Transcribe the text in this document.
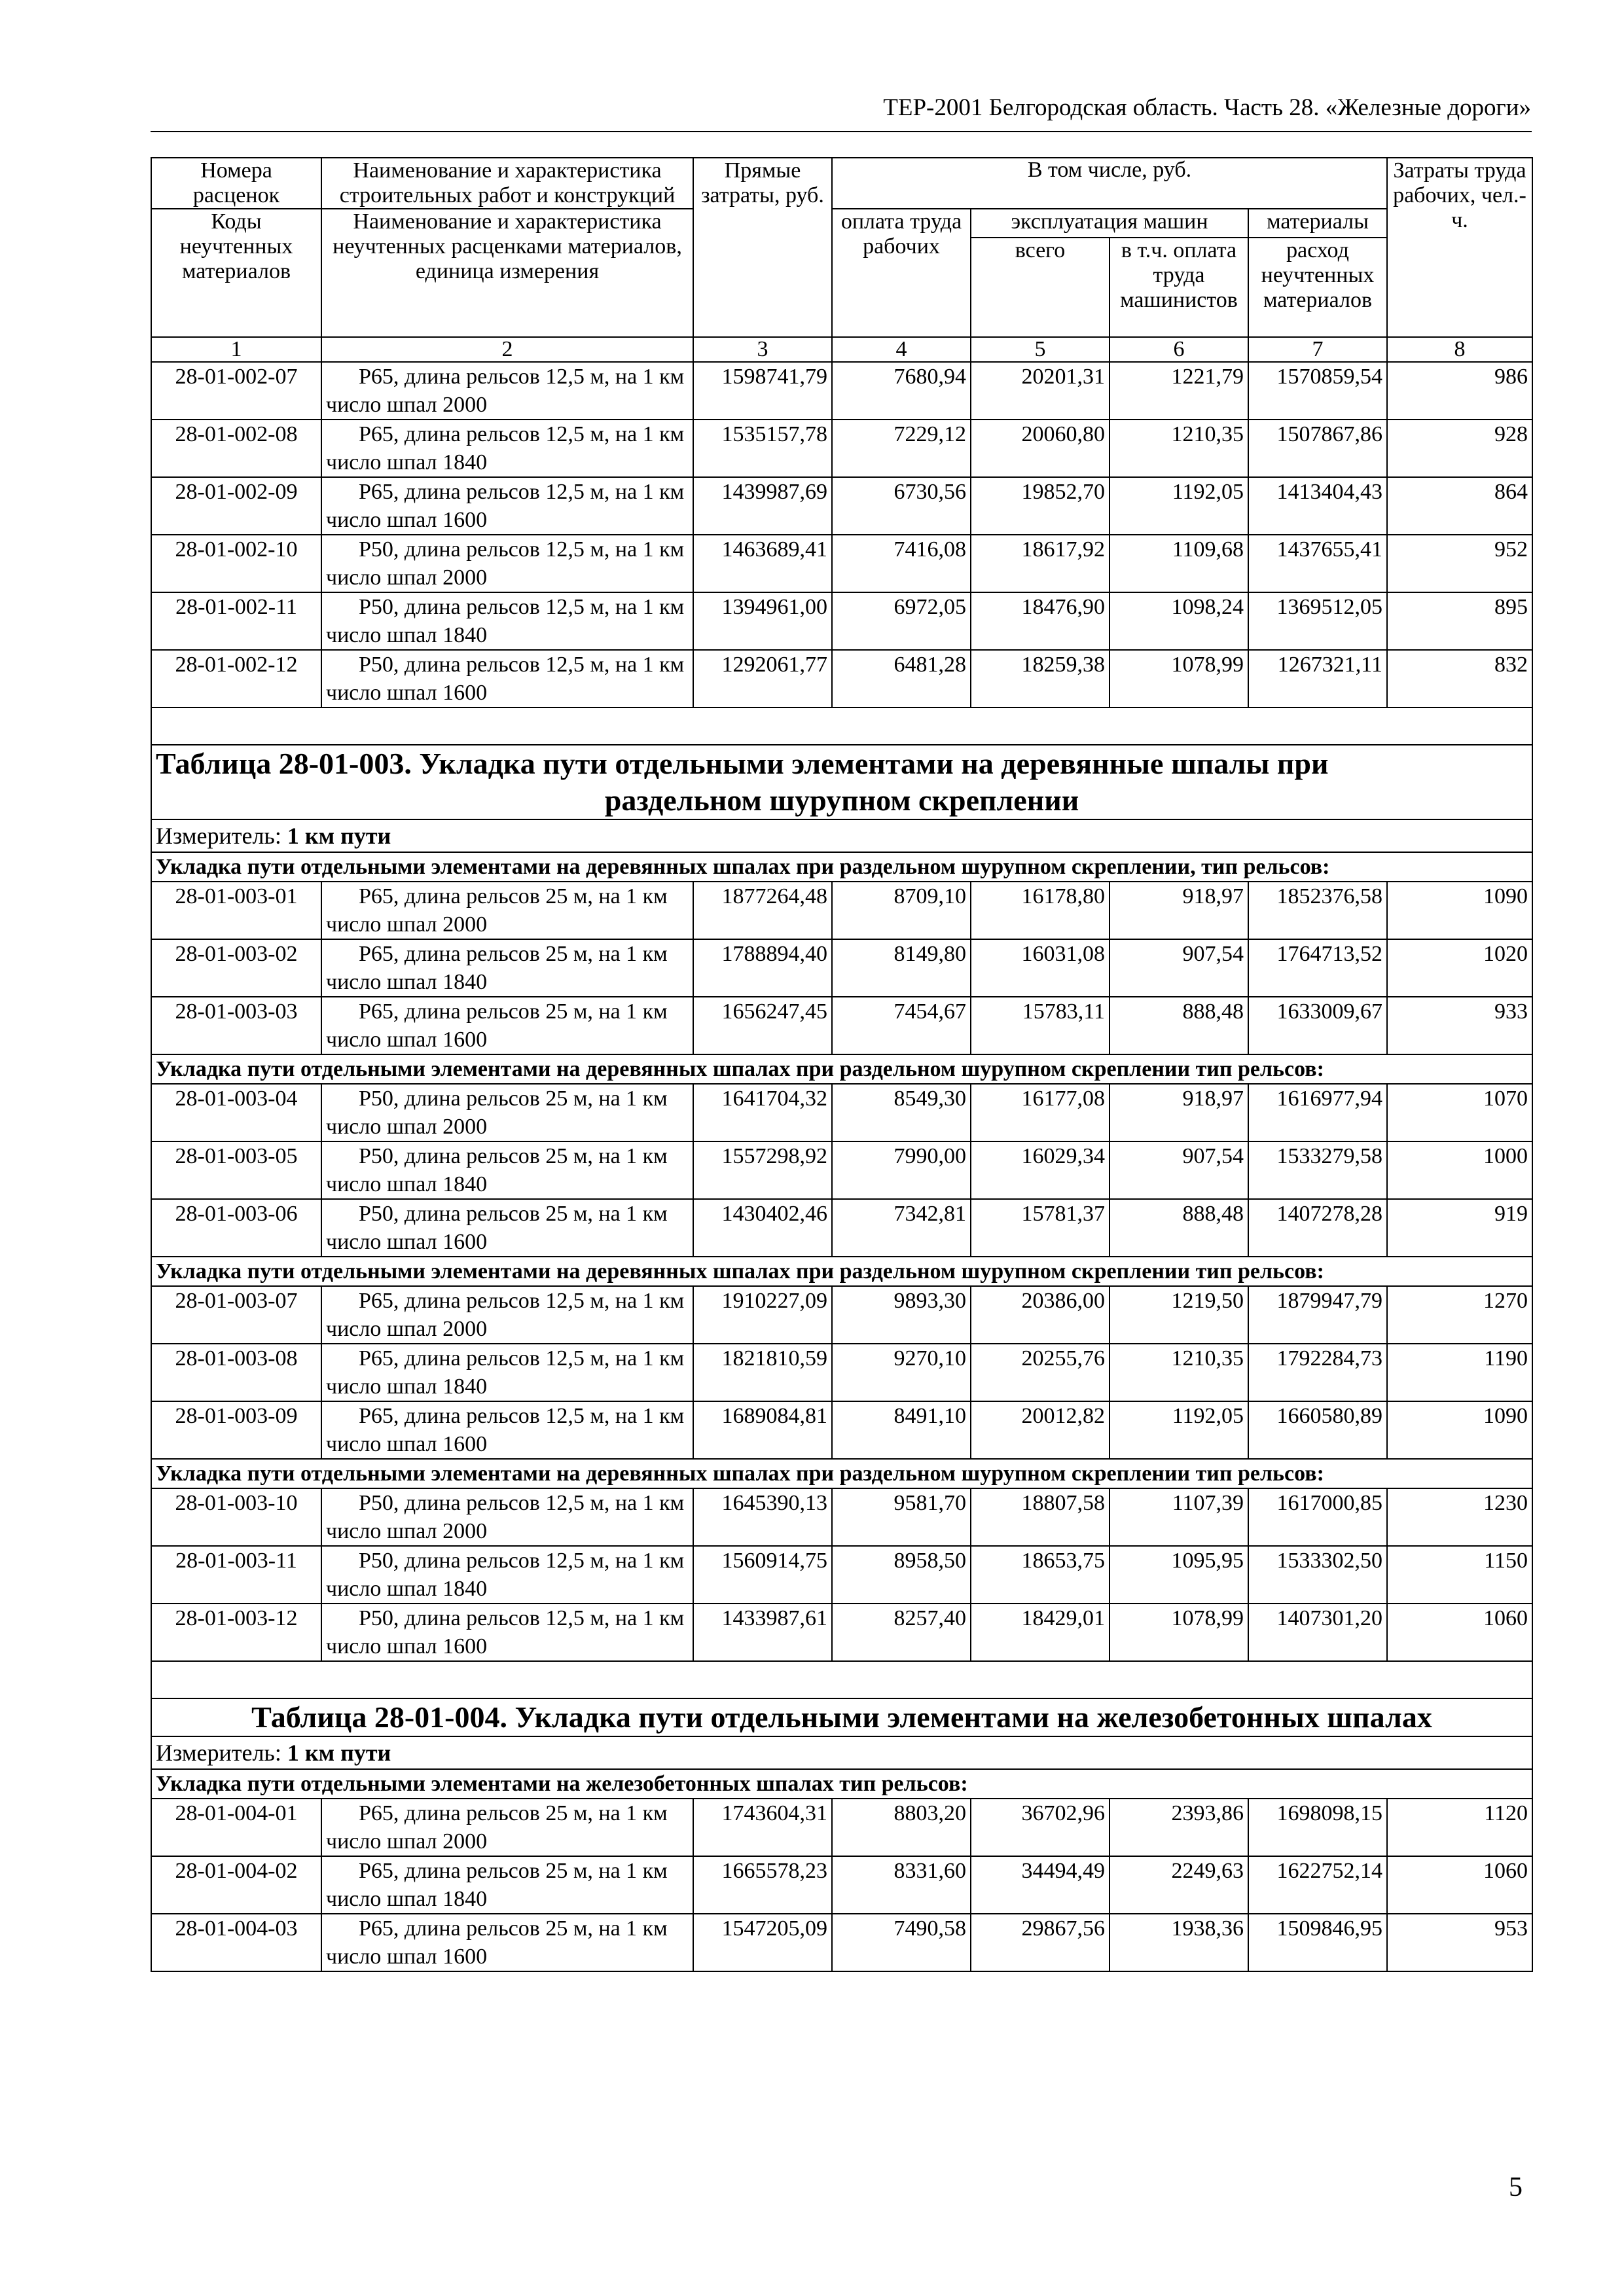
ТЕР-2001 Белгородская область. Часть 28. «Железные дороги»
Номера расценок	Наименование и характеристика строительных работ и конструкций	Прямые затраты, руб.	В том числе, руб.				Затраты труда рабочих, чел.-ч.
Коды неучтенных материалов	Наименование и характеристика неучтенных расценками материалов, единица измерения		оплата труда рабочих	эксплуатация машин		материалы	
				всего	в т.ч. оплата труда машинистов	расход неучтенных материалов	
1	2	3	4	5	6	7	8
28-01-002-07	Р65, длина рельсов 12,5 м, на 1 км число шпал 2000	1598741,79	7680,94	20201,31	1221,79	1570859,54	986
28-01-002-08	Р65, длина рельсов 12,5 м, на 1 км число шпал 1840	1535157,78	7229,12	20060,80	1210,35	1507867,86	928
28-01-002-09	Р65, длина рельсов 12,5 м, на 1 км число шпал 1600	1439987,69	6730,56	19852,70	1192,05	1413404,43	864
28-01-002-10	Р50, длина рельсов 12,5 м, на 1 км число шпал 2000	1463689,41	7416,08	18617,92	1109,68	1437655,41	952
28-01-002-11	Р50, длина рельсов 12,5 м, на 1 км число шпал 1840	1394961,00	6972,05	18476,90	1098,24	1369512,05	895
28-01-002-12	Р50, длина рельсов 12,5 м, на 1 км число шпал 1600	1292061,77	6481,28	18259,38	1078,99	1267321,11	832

Таблица 28-01-003. Укладка пути отдельными элементами на деревянные шпалы при
раздельном шурупном скреплении							
Измеритель: 1 км пути							
Укладка пути отдельными элементами на деревянных шпалах при раздельном шурупном скреплении, тип рельсов:							
28-01-003-01	Р65, длина рельсов 25 м, на 1 км число шпал 2000	1877264,48	8709,10	16178,80	918,97	1852376,58	1090
28-01-003-02	Р65, длина рельсов 25 м, на 1 км число шпал 1840	1788894,40	8149,80	16031,08	907,54	1764713,52	1020
28-01-003-03	Р65, длина рельсов 25 м, на 1 км число шпал 1600	1656247,45	7454,67	15783,11	888,48	1633009,67	933
Укладка пути отдельными элементами на деревянных шпалах при раздельном шурупном скреплении тип рельсов:							
28-01-003-04	Р50, длина рельсов 25 м, на 1 км число шпал 2000	1641704,32	8549,30	16177,08	918,97	1616977,94	1070
28-01-003-05	Р50, длина рельсов 25 м, на 1 км число шпал 1840	1557298,92	7990,00	16029,34	907,54	1533279,58	1000
28-01-003-06	Р50, длина рельсов 25 м, на 1 км число шпал 1600	1430402,46	7342,81	15781,37	888,48	1407278,28	919
Укладка пути отдельными элементами на деревянных шпалах при раздельном шурупном скреплении тип рельсов:							
28-01-003-07	Р65, длина рельсов 12,5 м, на 1 км число шпал 2000	1910227,09	9893,30	20386,00	1219,50	1879947,79	1270
28-01-003-08	Р65, длина рельсов 12,5 м, на 1 км число шпал 1840	1821810,59	9270,10	20255,76	1210,35	1792284,73	1190
28-01-003-09	Р65, длина рельсов 12,5 м, на 1 км число шпал 1600	1689084,81	8491,10	20012,82	1192,05	1660580,89	1090
Укладка пути отдельными элементами на деревянных шпалах при раздельном шурупном скреплении тип рельсов:							
28-01-003-10	Р50, длина рельсов 12,5 м, на 1 км число шпал 2000	1645390,13	9581,70	18807,58	1107,39	1617000,85	1230
28-01-003-11	Р50, длина рельсов 12,5 м, на 1 км число шпал 1840	1560914,75	8958,50	18653,75	1095,95	1533302,50	1150
28-01-003-12	Р50, длина рельсов 12,5 м, на 1 км число шпал 1600	1433987,61	8257,40	18429,01	1078,99	1407301,20	1060

Таблица 28-01-004. Укладка пути отдельными элементами на железобетонных шпалах							
Измеритель: 1 км пути							
Укладка пути отдельными элементами на железобетонных шпалах тип рельсов:							
28-01-004-01	Р65, длина рельсов 25 м, на 1 км число шпал 2000	1743604,31	8803,20	36702,96	2393,86	1698098,15	1120
28-01-004-02	Р65, длина рельсов 25 м, на 1 км число шпал 1840	1665578,23	8331,60	34494,49	2249,63	1622752,14	1060
28-01-004-03	Р65, длина рельсов 25 м, на 1 км число шпал 1600	1547205,09	7490,58	29867,56	1938,36	1509846,95	953
5
